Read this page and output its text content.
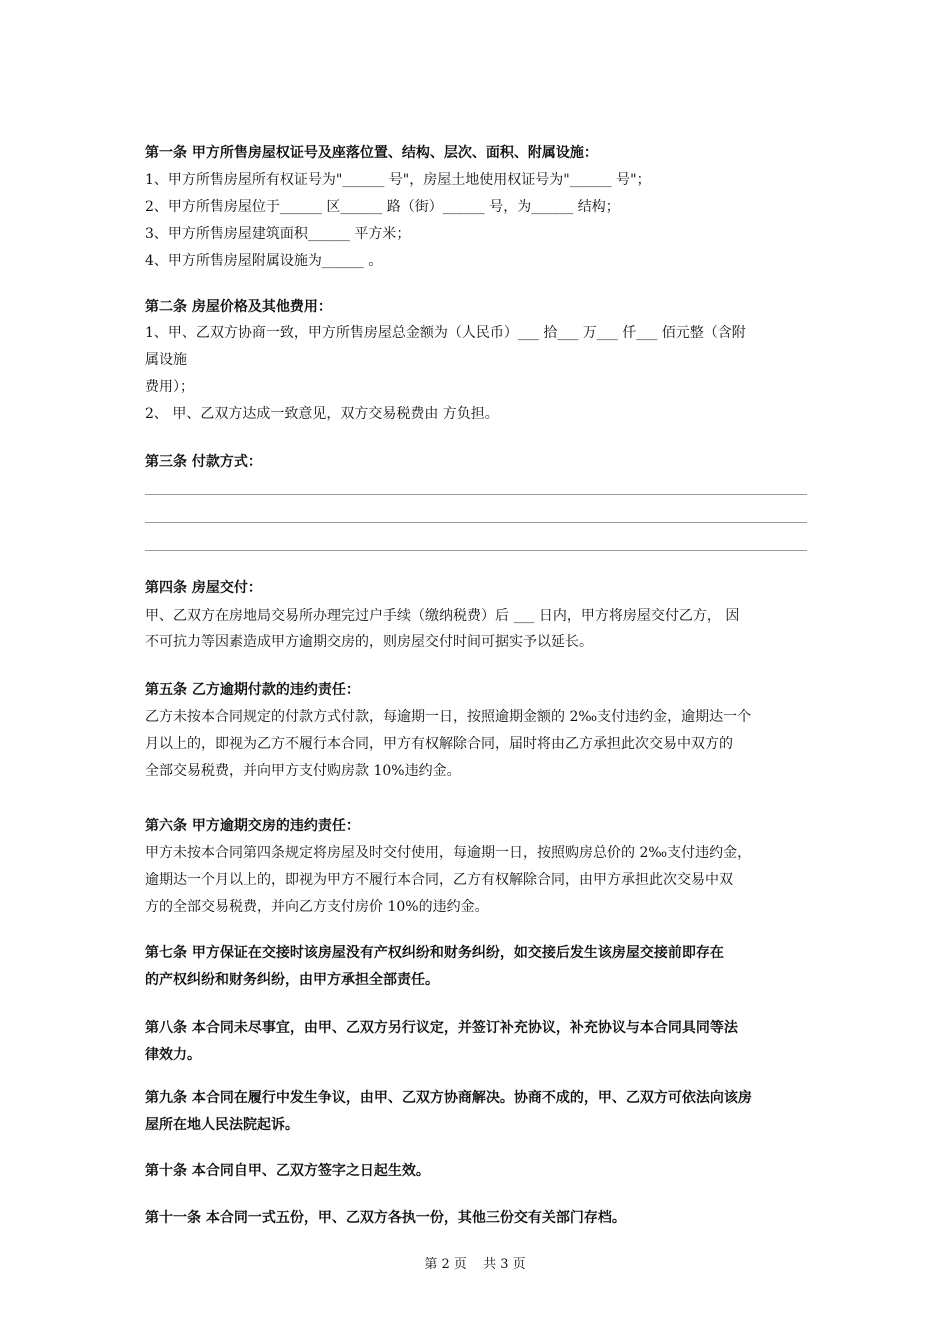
第一条 甲方所售房屋权证号及座落位置、结构、层次、面积、附属设施：
1、甲方所售房屋所有权证号为"______ 号"，房屋土地使用权证号为"______ 号"；
2、甲方所售房屋位于______ 区______ 路（街）______ 号，为______ 结构；
3、甲方所售房屋建筑面积______ 平方米；
4、甲方所售房屋附属设施为______ 。
第二条 房屋价格及其他费用：
1、甲、乙双方协商一致，甲方所售房屋总金额为（人民币）___ 拾___ 万___ 仟___ 佰元整（含附
属设施
费用）；
2、 甲、乙双方达成一致意见，双方交易税费由 方负担。
第三条 付款方式：
第四条 房屋交付：
甲、乙双方在房地局交易所办理完过户手续（缴纳税费）后 ___ 日内，甲方将房屋交付乙方， 因
不可抗力等因素造成甲方逾期交房的，则房屋交付时间可据实予以延长。
第五条 乙方逾期付款的违约责任：
乙方未按本合同规定的付款方式付款，每逾期一日，按照逾期金额的 2‰支付违约金，逾期达一个
月以上的，即视为乙方不履行本合同，甲方有权解除合同，届时将由乙方承担此次交易中双方的
全部交易税费，并向甲方支付购房款 10%违约金。
第六条 甲方逾期交房的违约责任：
甲方未按本合同第四条规定将房屋及时交付使用，每逾期一日，按照购房总价的 2‰支付违约金，
逾期达一个月以上的，即视为甲方不履行本合同，乙方有权解除合同，由甲方承担此次交易中双
方的全部交易税费，并向乙方支付房价 10%的违约金。
第七条 甲方保证在交接时该房屋没有产权纠纷和财务纠纷，如交接后发生该房屋交接前即存在
的产权纠纷和财务纠纷，由甲方承担全部责任。
第八条 本合同未尽事宜，由甲、乙双方另行议定，并签订补充协议，补充协议与本合同具同等法
律效力。
第九条 本合同在履行中发生争议，由甲、乙双方协商解决。协商不成的，甲、乙双方可依法向该房
屋所在地人民法院起诉。
第十条 本合同自甲、乙双方签字之日起生效。
第十一条 本合同一式五份，甲、乙双方各执一份，其他三份交有关部门存档。
第 2 页 共 3 页
